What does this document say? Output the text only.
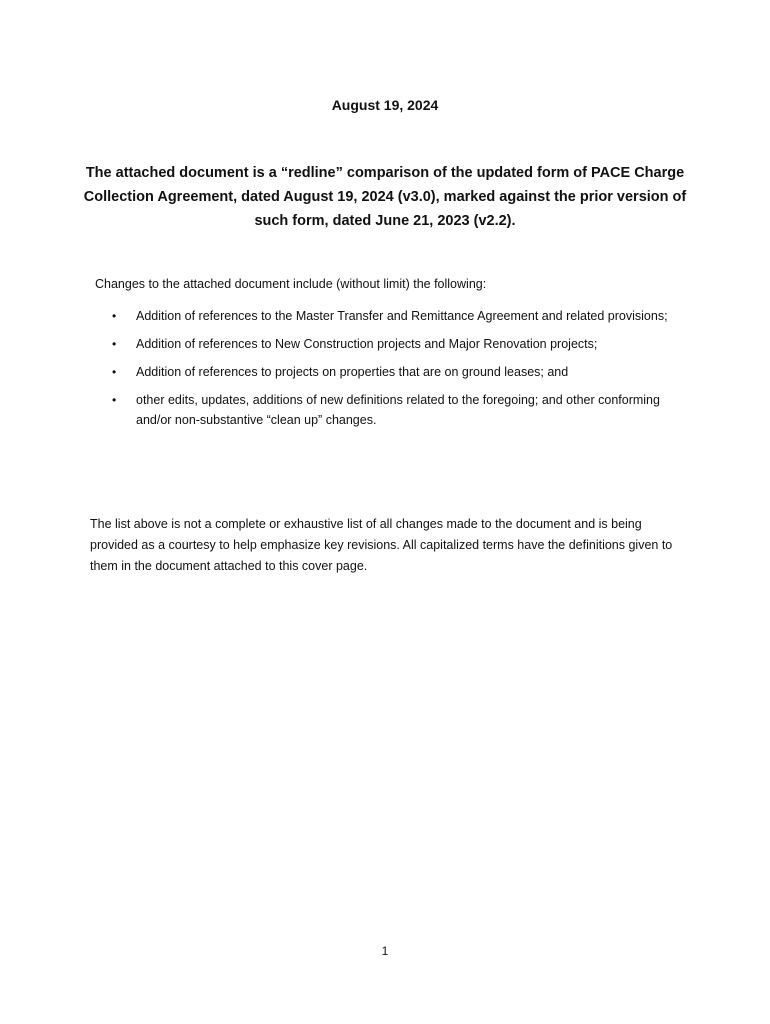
August 19, 2024
The attached document is a “redline” comparison of the updated form of PACE Charge Collection Agreement, dated August 19, 2024 (v3.0), marked against the prior version of such form, dated June 21, 2023 (v2.2).
Changes to the attached document include (without limit) the following:
•	Addition of references to the Master Transfer and Remittance Agreement and related provisions;
•	Addition of references to New Construction projects and Major Renovation projects;
•	Addition of references to projects on properties that are on ground leases; and
•	other edits, updates, additions of new definitions related to the foregoing; and other conforming and/or non-substantive “clean up” changes.
The list above is not a complete or exhaustive list of all changes made to the document and is being provided as a courtesy to help emphasize key revisions. All capitalized terms have the definitions given to them in the document attached to this cover page.
1
